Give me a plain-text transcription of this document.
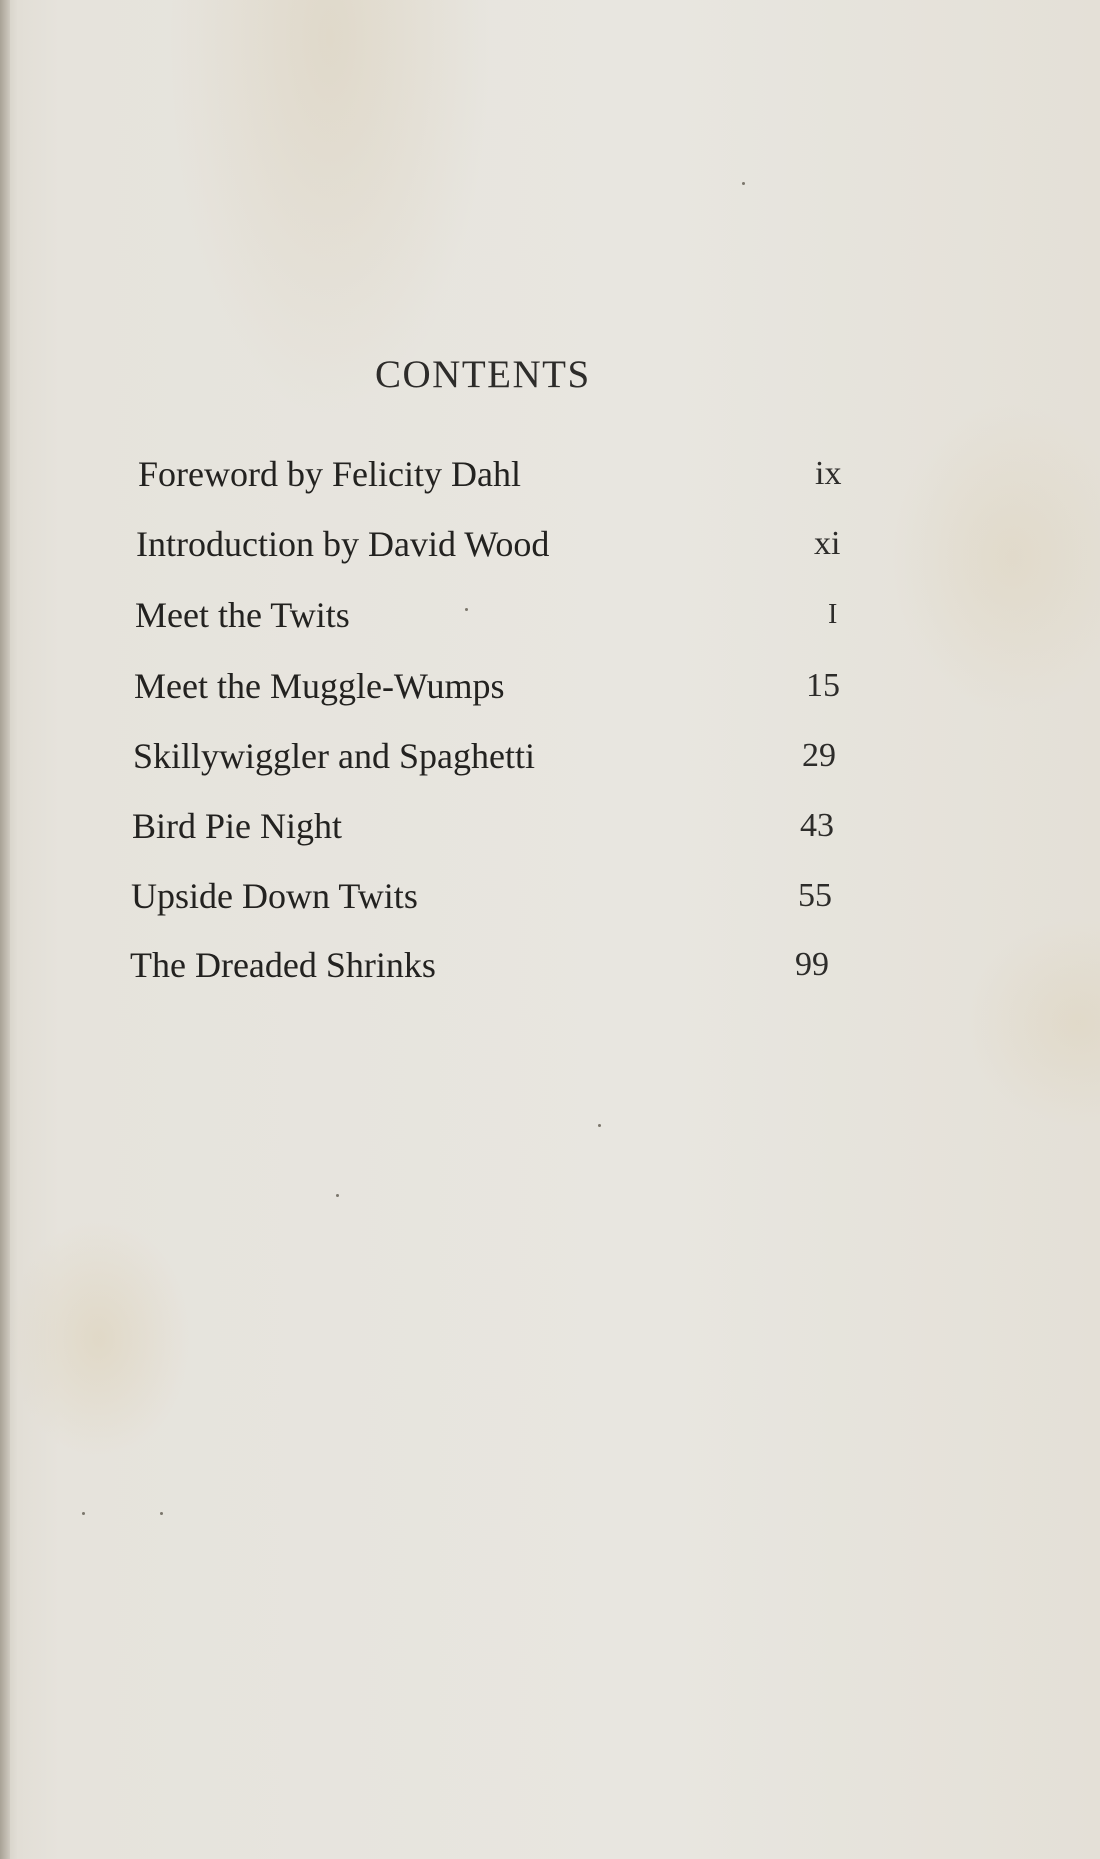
CONTENTS
Foreword by Felicity Dahl	ix
Introduction by David Wood	xi
Meet the Twits	I
Meet the Muggle-Wumps	15
Skillywiggler and Spaghetti	29
Bird Pie Night	43
Upside Down Twits	55
The Dreaded Shrinks	99
